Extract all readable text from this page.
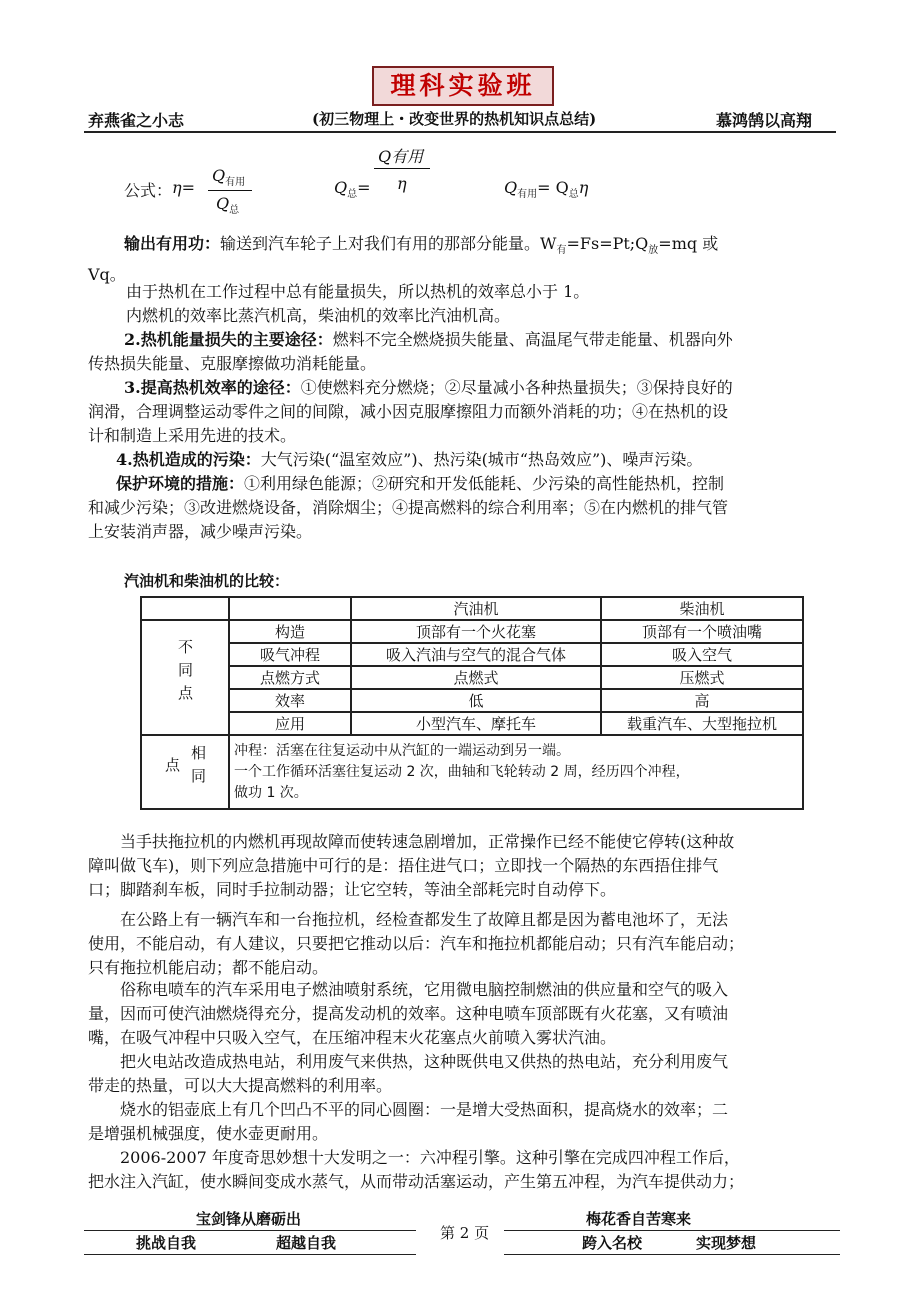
理科实验班
弃燕雀之小志	(初三物理上・改变世界的热机知识点总结)	慕鸿鹄以高翔
公式： η=
$Q_{有用}$
$Q_总$
$Q_总=$
Q有用
η	$Q_{有用}= Q_总\eta$
输出有用功：输送到汽车轮子上对我们有用的那部分能量。$W_有=Fs=Pt;Q_放=mq$ 或
Vq。
由于热机在工作过程中总有能量损失，所以热机的效率总小于 1。
内燃机的效率比蒸汽机高，柴油机的效率比汽油机高。
2.热机能量损失的主要途径：燃料不完全燃烧损失能量、高温尾气带走能量、机器向外
传热损失能量、克服摩擦做功消耗能量。
3.提高热机效率的途径：①使燃料充分燃烧；②尽量减小各种热量损失；③保持良好的
润滑，合理调整运动零件之间的间隙，减小因克服摩擦阻力而额外消耗的功；④在热机的设
计和制造上采用先进的技术。
4.热机造成的污染：大气污染(“温室效应”)、热污染(城市“热岛效应”)、噪声污染。
保护环境的措施：①利用绿色能源；②研究和开发低能耗、少污染的高性能热机，控制
和减少污染；③改进燃烧设备，消除烟尘；④提高燃料的综合利用率；⑤在内燃机的排气管
上安装消声器，减少噪声污染。
汽油机和柴油机的比较：
		汽油机	柴油机
不同点	构造	顶部有一个火花塞	顶部有一个喷油嘴
	吸气冲程	吸入汽油与空气的混合气体	吸入空气
	点燃方式	点燃式	压燃式
	效率	低	高
	应用	小型汽车、摩托车	载重汽车、大型拖拉机
相同点	冲程：活塞在往复运动中从汽缸的一端运动到另一端。
一个工作循环活塞往复运动 2 次，曲轴和飞轮转动 2 周，经历四个冲程，
做功 1 次。		
当手扶拖拉机的内燃机再现故障而使转速急剧增加，正常操作已经不能使它停转(这种故
障叫做飞车)，则下列应急措施中可行的是：捂住进气口；立即找一个隔热的东西捂住排气
口；脚踏刹车板，同时手拉制动器；让它空转，等油全部耗完时自动停下。
在公路上有一辆汽车和一台拖拉机，经检查都发生了故障且都是因为蓄电池坏了，无法
使用，不能启动，有人建议，只要把它推动以后：汽车和拖拉机都能启动；只有汽车能启动；
只有拖拉机能启动；都不能启动。
俗称电喷车的汽车采用电子燃油喷射系统，它用微电脑控制燃油的供应量和空气的吸入
量，因而可使汽油燃烧得充分，提高发动机的效率。这种电喷车顶部既有火花塞，又有喷油
嘴，在吸气冲程中只吸入空气，在压缩冲程末火花塞点火前喷入雾状汽油。
把火电站改造成热电站，利用废气来供热，这种既供电又供热的热电站，充分利用废气
带走的热量，可以大大提高燃料的利用率。
烧水的铝壶底上有几个凹凸不平的同心圆圈：一是增大受热面积，提高烧水的效率；二
是增强机械强度，使水壶更耐用。
2006-2007 年度奇思妙想十大发明之一：六冲程引擎。这种引擎在完成四冲程工作后，
把水注入汽缸，使水瞬间变成水蒸气，从而带动活塞运动，产生第五冲程，为汽车提供动力；
宝剑锋从磨砺出
挑战自我	超越自我
第 2 页
梅花香自苦寒来
跨入名校	实现梦想
